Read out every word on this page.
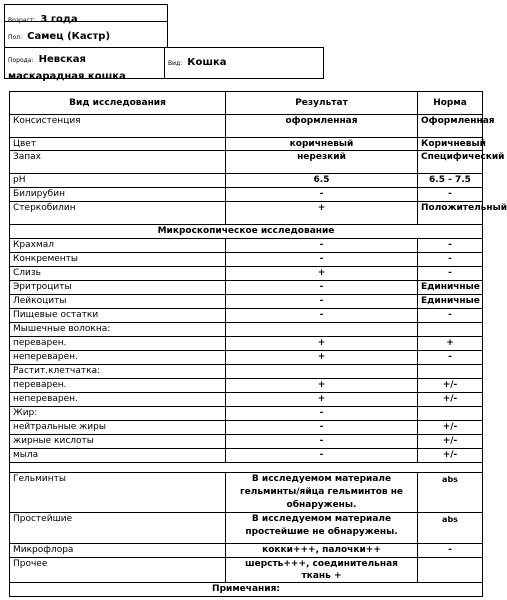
Возраст: 3 года
Пол: Самец (Кастр)
Порода: Невская маскарадная кошка
Вид: Кошка
Вид исследования	Результат	Норма
Консистенция	оформленная	Оформленная
Цвет	коричневый	Коричневый
Запах	нерезкий	Специфический
pH	6.5	6.5 - 7.5
Билирубин	-	-
Стеркобилин	+	Положительный
Микроскопическое исследование		
Крахмал	-	-
Конкременты	-	-
Слизь	+	-
Эритроциты	-	Единичные
Лейкоциты	-	Единичные
Пищевые остатки	-	-
Мышечные волокна:		
переварен.	+	+
непереварен.	+	-
Растит.клетчатка:		
переварен.	+	+/-
непереварен.	+	+/-
Жир:	-	
нейтральные жиры	-	+/-
жирные кислоты	-	+/-
мыла	-	+/-

Гельминты	В исследуемом материале гельминты/яйца гельминтов не обнаружены.	abs
Простейшие	В исследуемом материале простейшие не обнаружены.	abs
Микрофлора	кокки+++, палочки++	-
Прочее	шерсть+++, соединительная ткань +	
Примечания:		
